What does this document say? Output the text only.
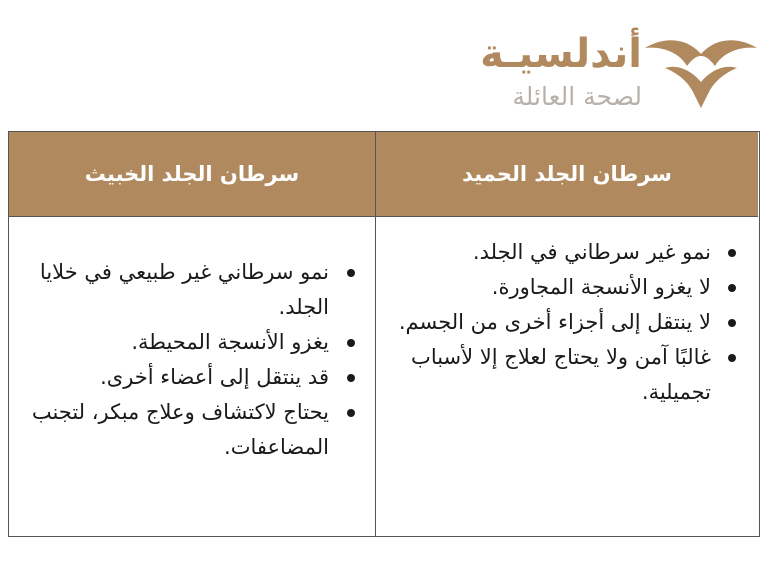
أندلسيـة
لصحة العائلة
سرطان الجلد الحميد
نمو غير سرطاني في الجلد.
لا يغزو الأنسجة المجاورة.
لا ينتقل إلى أجزاء أخرى من الجسم.
غالبًا آمن ولا يحتاج لعلاج إلا لأسباب تجميلية.
سرطان الجلد الخبيث
نمو سرطاني غير طبيعي في خلايا الجلد.
يغزو الأنسجة المحيطة.
قد ينتقل إلى أعضاء أخرى.
يحتاج لاكتشاف وعلاج مبكر، لتجنب المضاعفات.
